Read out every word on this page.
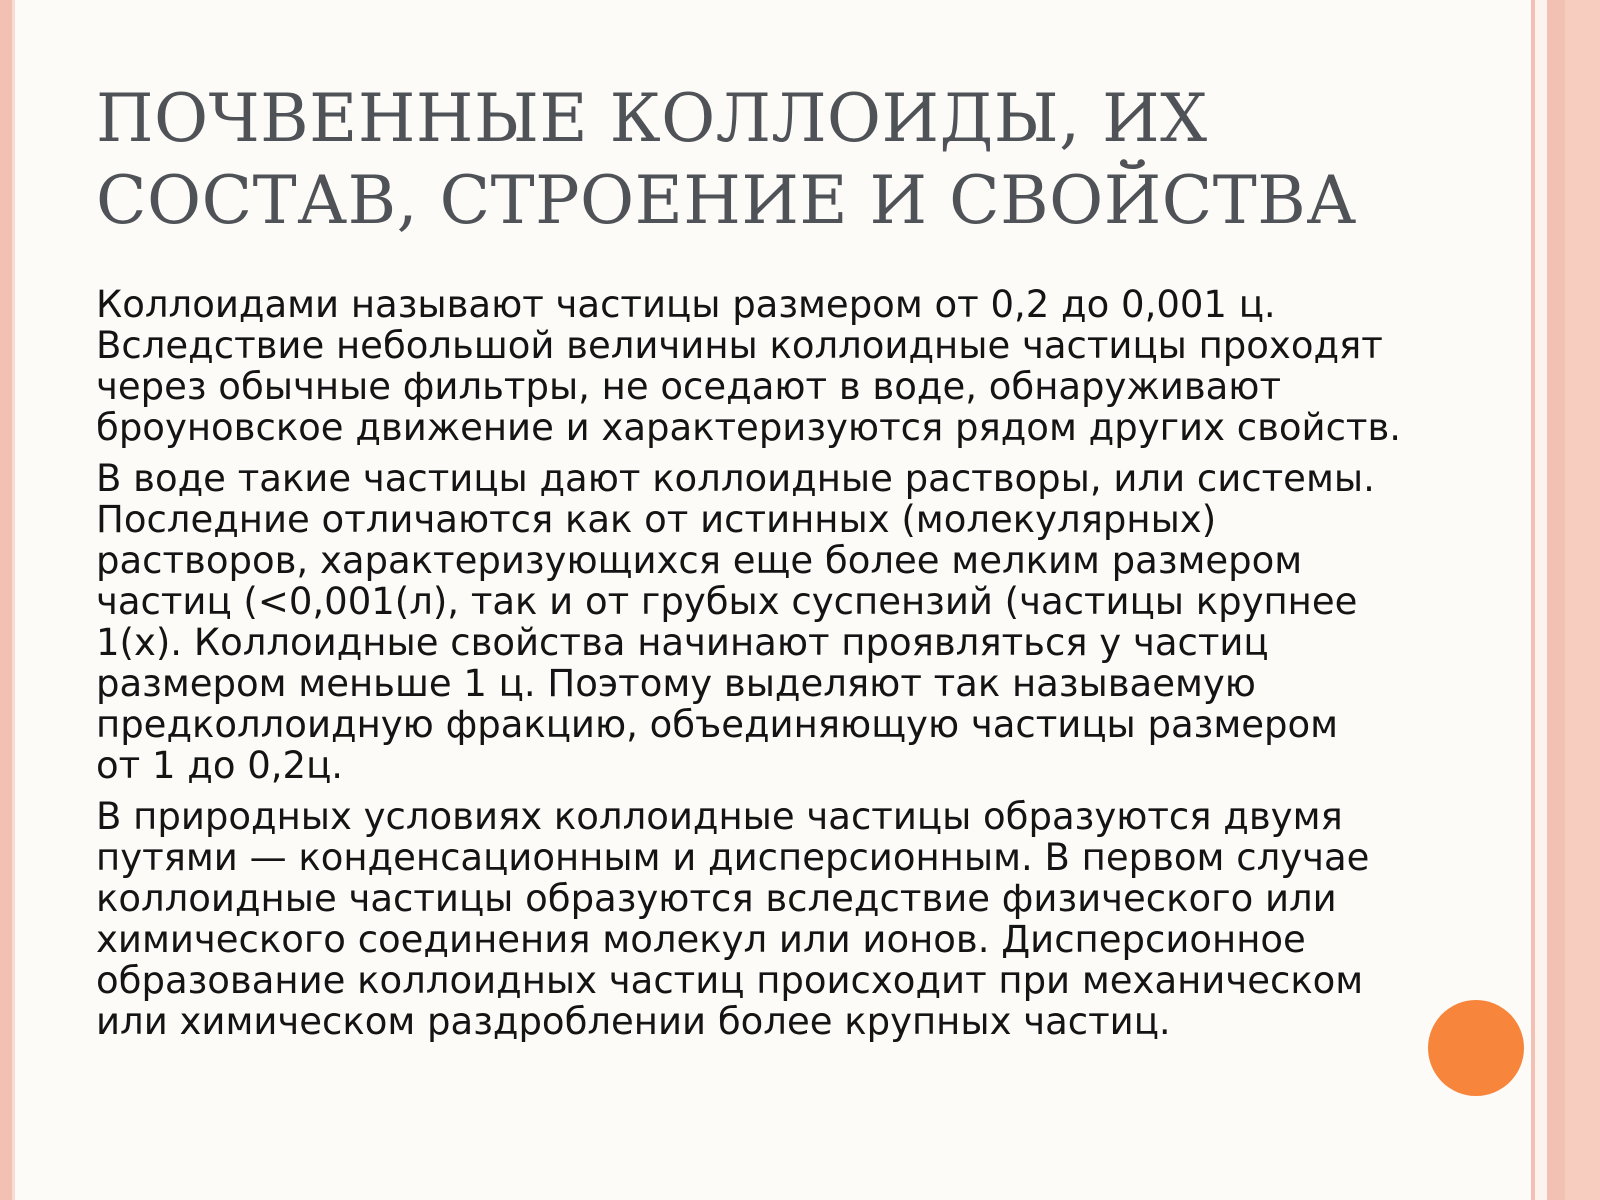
ПОЧВЕННЫЕ КОЛЛОИДЫ, ИХ
СОСТАВ, СТРОЕНИЕ И СВОЙСТВА

Коллоидами называют частицы размером от 0,2 до 0,001 ц.
Вследствие небольшой величины коллоидные частицы проходят
через обычные фильтры, не оседают в воде, обнаруживают
броуновское движение и характеризуются рядом других свойств.

В воде такие частицы дают коллоидные растворы, или системы.
Последние отличаются как от истинных (молекулярных)
растворов, характеризующихся еще более мелким размером
частиц (<0,001(л), так и от грубых суспензий (частицы крупнее
1(х). Коллоидные свойства начинают проявляться у частиц
размером меньше 1 ц. Поэтому выделяют так называемую
предколлоидную фракцию, объединяющую частицы размером
от 1 до 0,2ц.

В природных условиях коллоидные частицы образуются двумя
путями — конденсационным и дисперсионным. В первом случае
коллоидные частицы образуются вследствие физического или
химического соединения молекул или ионов. Дисперсионное
образование коллоидных частиц происходит при механическом
или химическом раздроблении более крупных частиц.
